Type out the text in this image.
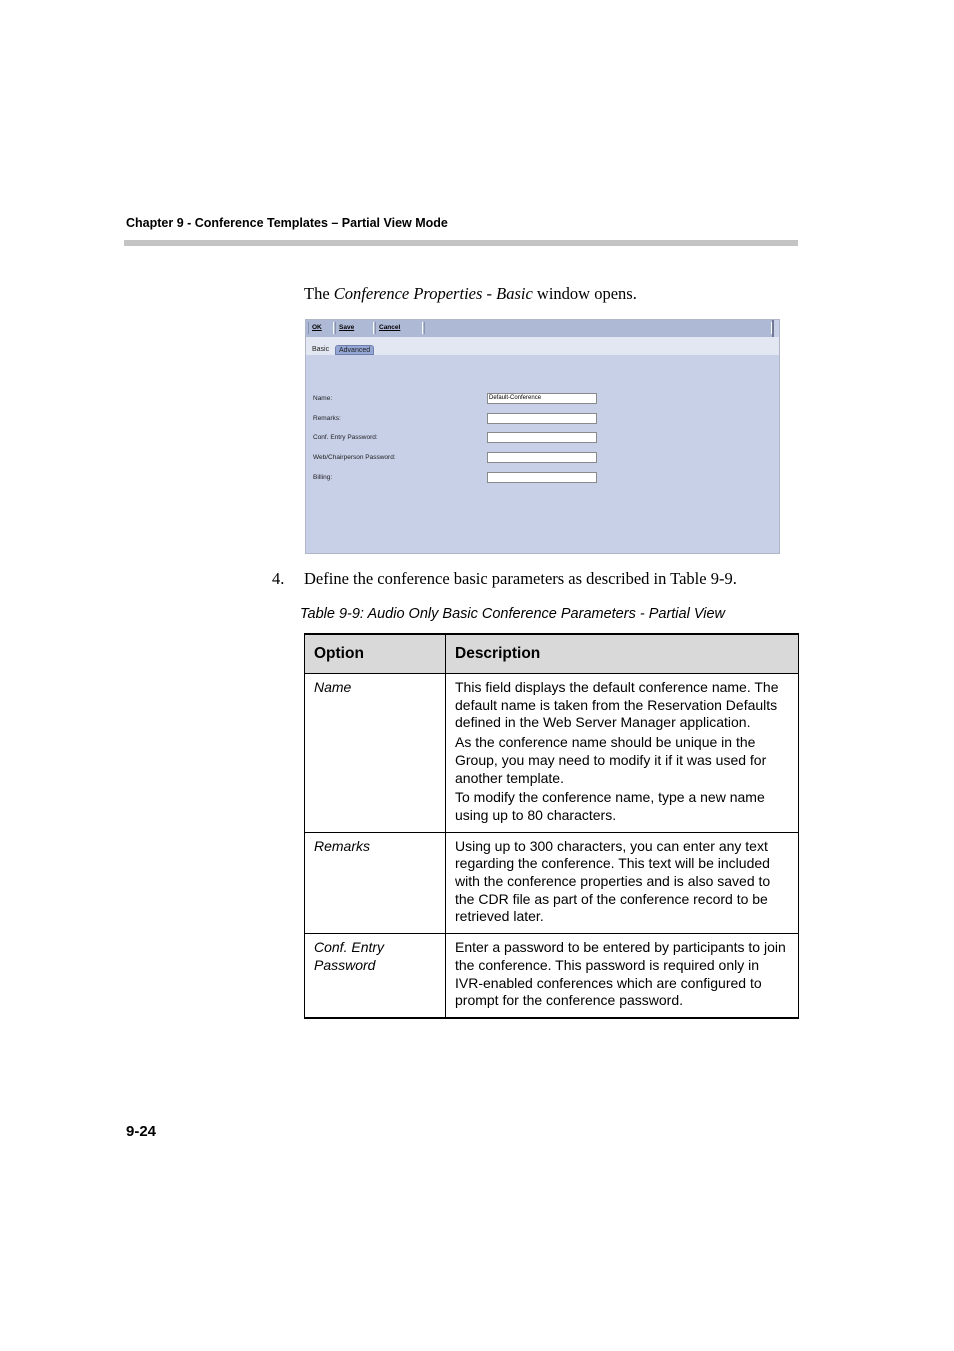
Chapter 9 - Conference Templates – Partial View Mode
The Conference Properties - Basic window opens.
OK	Save	Cancel
Basic	Advanced
Name:	Default-Conference
Remarks:
Conf. Entry Password:
Web/Chairperson Password:
Billing:
4. Define the conference basic parameters as described in Table 9-9.
Table 9-9: Audio Only Basic Conference Parameters - Partial View
Option	Description
Name	This field displays the default conference name. The default name is taken from the Reservation Defaults defined in the Web Server Manager application.

As the conference name should be unique in the Group, you may need to modify it if it was used for another template.

To modify the conference name, type a new name using up to 80 characters.

Remarks	Using up to 300 characters, you can enter any text regarding the conference. This text will be included with the conference properties and is also saved to the CDR file as part of the conference record to be retrieved later.

Conf. Entry Password	Enter a password to be entered by participants to join the conference. This password is required only in IVR-enabled conferences which are configured to prompt for the conference password.

9-24
